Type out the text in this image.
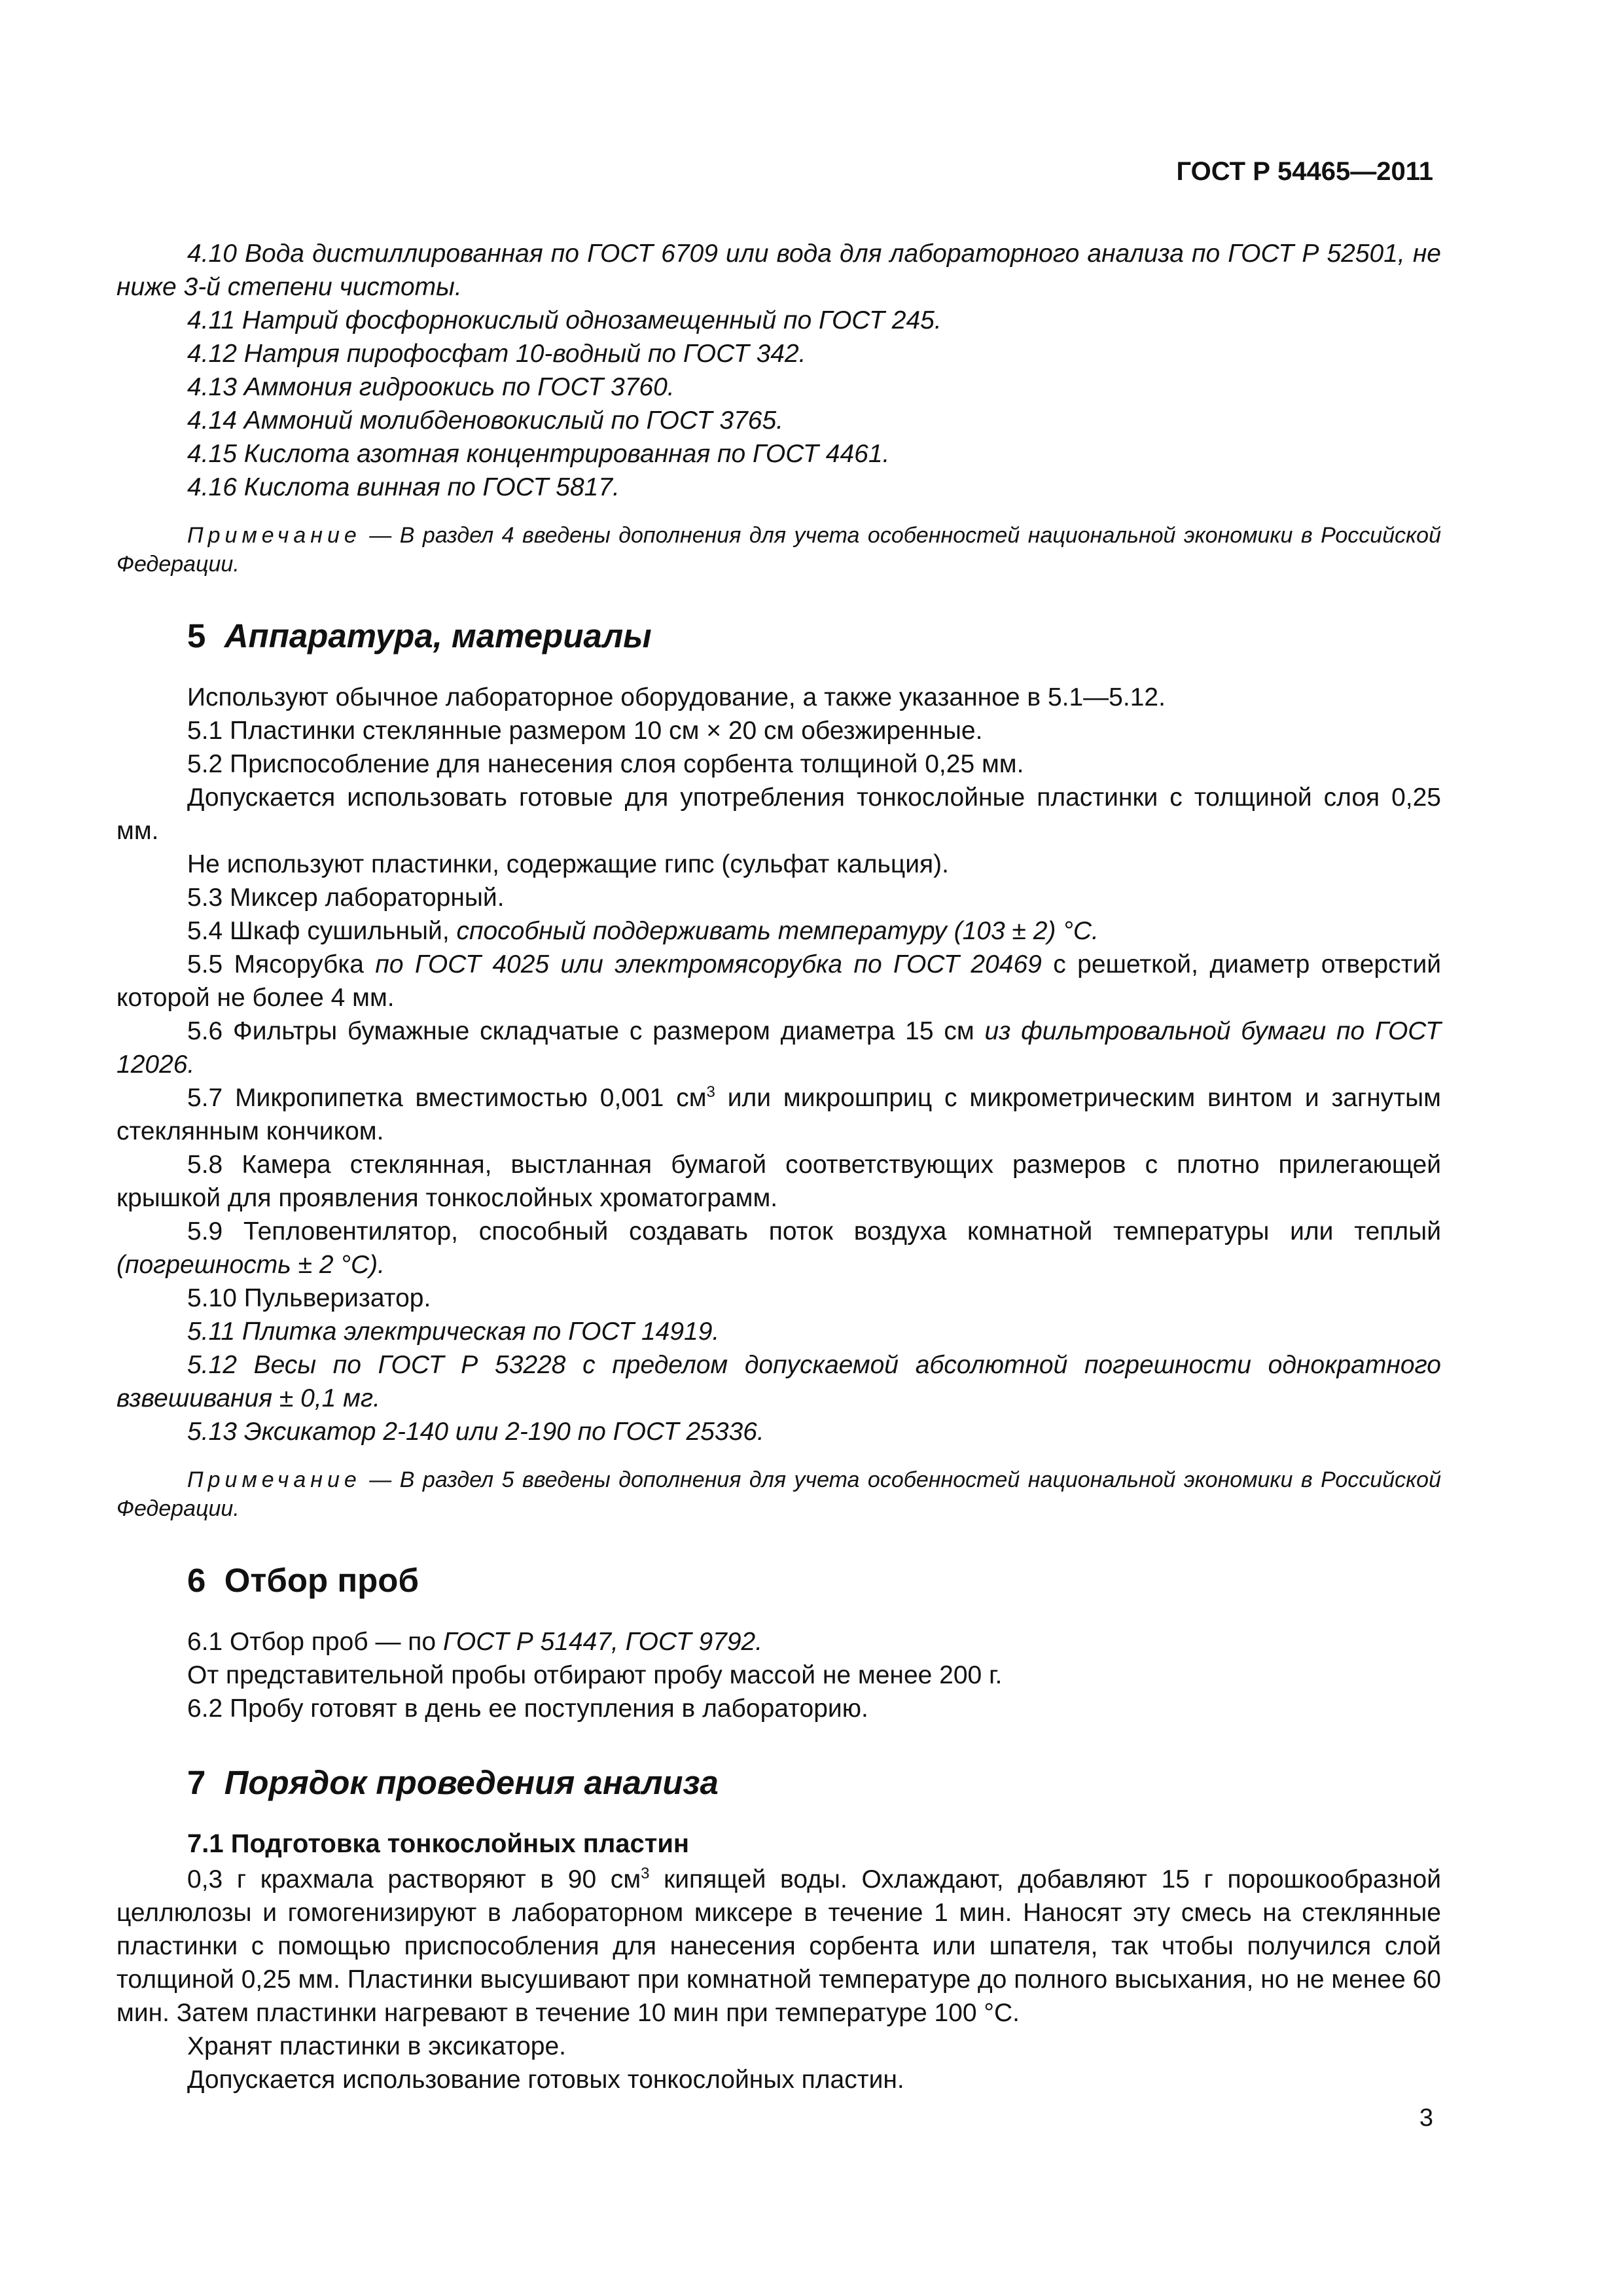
ГОСТ Р 54465—2011

4.10 Вода дистиллированная по ГОСТ 6709 или вода для лабораторного анализа по ГОСТ Р 52501, не ниже 3-й степени чистоты.

4.11 Натрий фосфорнокислый однозамещенный по ГОСТ 245.

4.12 Натрия пирофосфат 10-водный по ГОСТ 342.

4.13 Аммония гидроокись по ГОСТ 3760.

4.14 Аммоний молибденовокислый по ГОСТ 3765.

4.15 Кислота азотная концентрированная по ГОСТ 4461.

4.16 Кислота винная по ГОСТ 5817.

Примечание — В раздел 4 введены дополнения для учета особенностей национальной экономики в Российской Федерации.

5 Аппаратура, материалы

Используют обычное лабораторное оборудование, а также указанное в 5.1—5.12.

5.1 Пластинки стеклянные размером 10 см × 20 см обезжиренные.

5.2 Приспособление для нанесения слоя сорбента толщиной 0,25 мм.

Допускается использовать готовые для употребления тонкослойные пластинки с толщиной слоя 0,25 мм.

Не используют пластинки, содержащие гипс (сульфат кальция).

5.3 Миксер лабораторный.

5.4 Шкаф сушильный, способный поддерживать температуру (103 ± 2) °С.

5.5 Мясорубка по ГОСТ 4025 или электромясорубка по ГОСТ 20469 с решеткой, диаметр отверстий которой не более 4 мм.

5.6 Фильтры бумажные складчатые с размером диаметра 15 см из фильтровальной бумаги по ГОСТ 12026.

5.7 Микропипетка вместимостью 0,001 $см^3$ или микрошприц с микрометрическим винтом и загнутым стеклянным кончиком.

5.8 Камера стеклянная, выстланная бумагой соответствующих размеров с плотно прилегающей крышкой для проявления тонкослойных хроматограмм.

5.9 Тепловентилятор, способный создавать поток воздуха комнатной температуры или теплый (погрешность ± 2 °С).

5.10 Пульверизатор.

5.11 Плитка электрическая по ГОСТ 14919.

5.12 Весы по ГОСТ Р 53228 с пределом допускаемой абсолютной погрешности однократного взвешивания ± 0,1 мг.

5.13 Эксикатор 2-140 или 2-190 по ГОСТ 25336.

Примечание — В раздел 5 введены дополнения для учета особенностей национальной экономики в Российской Федерации.

6 Отбор проб

6.1 Отбор проб — по ГОСТ Р 51447, ГОСТ 9792.

От представительной пробы отбирают пробу массой не менее 200 г.

6.2 Пробу готовят в день ее поступления в лабораторию.

7 Порядок проведения анализа
7.1 Подготовка тонкослойных пластин

0,3 г крахмала растворяют в 90 $см^3$ кипящей воды. Охлаждают, добавляют 15 г порошкообразной целлюлозы и гомогенизируют в лабораторном миксере в течение 1 мин. Наносят эту смесь на стеклянные пластинки с помощью приспособления для нанесения сорбента или шпателя, так чтобы получился слой толщиной 0,25 мм. Пластинки высушивают при комнатной температуре до полного высыхания, но не менее 60 мин. Затем пластинки нагревают в течение 10 мин при температуре 100 °С.

Хранят пластинки в эксикаторе.

Допускается использование готовых тонкослойных пластин.

3
